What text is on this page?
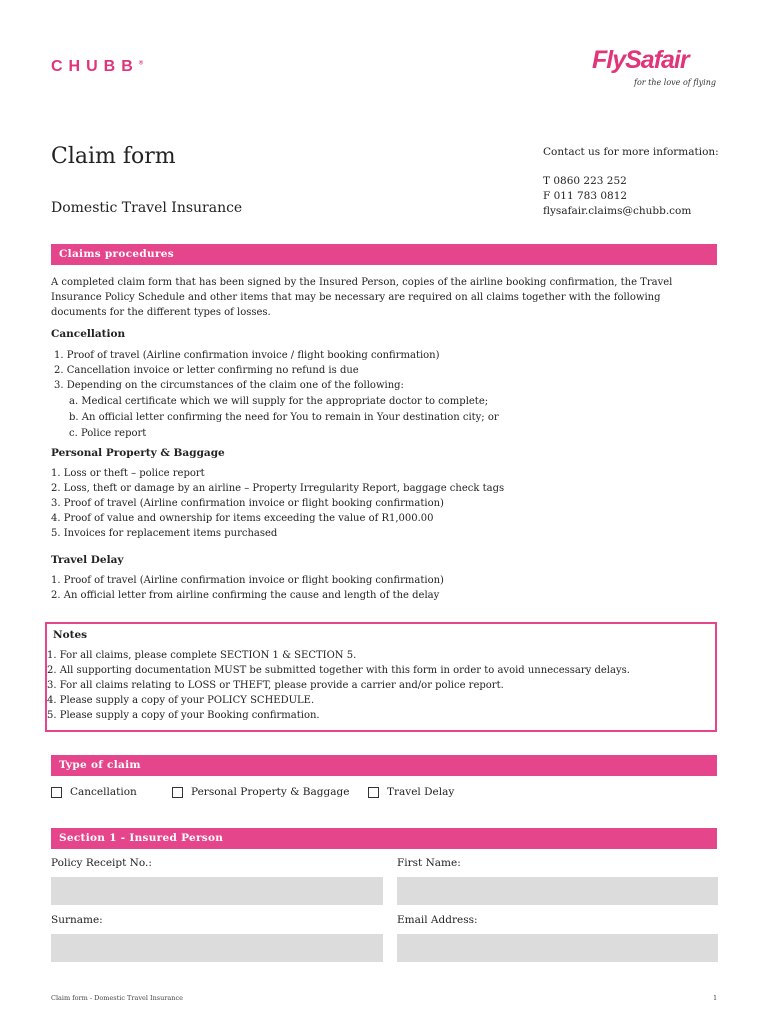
CHUBB®	FlySafair
for the love of flying
Claim form
Domestic Travel Insurance
Contact us for more information:
T 0860 223 252
F 011 783 0812
flysafair.claims@chubb.com
Claims procedures
A completed claim form that has been signed by the Insured Person, copies of the airline booking confirmation, the Travel Insurance Policy Schedule and other items that may be necessary are required on all claims together with the following documents for the different types of losses.
Cancellation
1. Proof of travel (Airline confirmation invoice / flight booking confirmation)
2. Cancellation invoice or letter confirming no refund is due
3. Depending on the circumstances of the claim one of the following:
a. Medical certificate which we will supply for the appropriate doctor to complete;
b. An official letter confirming the need for You to remain in Your destination city; or
c. Police report
Personal Property & Baggage
1. Loss or theft – police report
2. Loss, theft or damage by an airline – Property Irregularity Report, baggage check tags
3. Proof of travel (Airline confirmation invoice or flight booking confirmation)
4. Proof of value and ownership for items exceeding the value of R1,000.00
5. Invoices for replacement items purchased
Travel Delay
1. Proof of travel (Airline confirmation invoice or flight booking confirmation)
2. An official letter from airline confirming the cause and length of the delay
Notes
1. For all claims, please complete SECTION 1 & SECTION 5.
2. All supporting documentation MUST be submitted together with this form in order to avoid unnecessary delays.
3. For all claims relating to LOSS or THEFT, please provide a carrier and/or police report.
4. Please supply a copy of your POLICY SCHEDULE.
5. Please supply a copy of your Booking confirmation.
Type of claim
Cancellation	Personal Property & Baggage	Travel Delay
Section 1 - Insured Person
Policy Receipt No.:	First Name:
Surname:	Email Address:
Claim form - Domestic Travel Insurance	1
